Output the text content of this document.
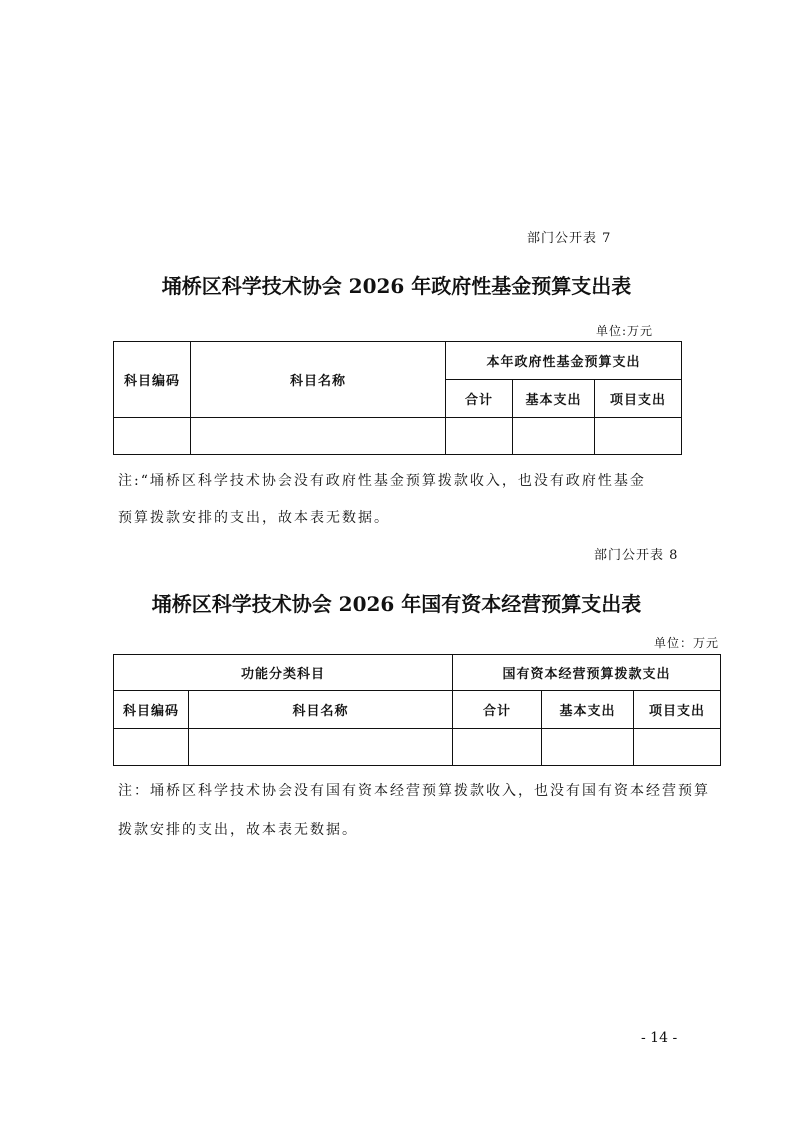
部门公开表 7
埇桥区科学技术协会 2026 年政府性基金预算支出表
单位:万元
科目编码	科目名称	本年政府性基金预算支出		
		合计	基本支出	项目支出

注:“埇桥区科学技术协会没有政府性基金预算拨款收入，也没有政府性基金
预算拨款安排的支出，故本表无数据。
部门公开表 8
埇桥区科学技术协会 2026 年国有资本经营预算支出表
单位：万元
功能分类科目		国有资本经营预算拨款支出		
科目编码	科目名称	合计	基本支出	项目支出

注：埇桥区科学技术协会没有国有资本经营预算拨款收入，也没有国有资本经营预算
拨款安排的支出，故本表无数据。
- 14 -
